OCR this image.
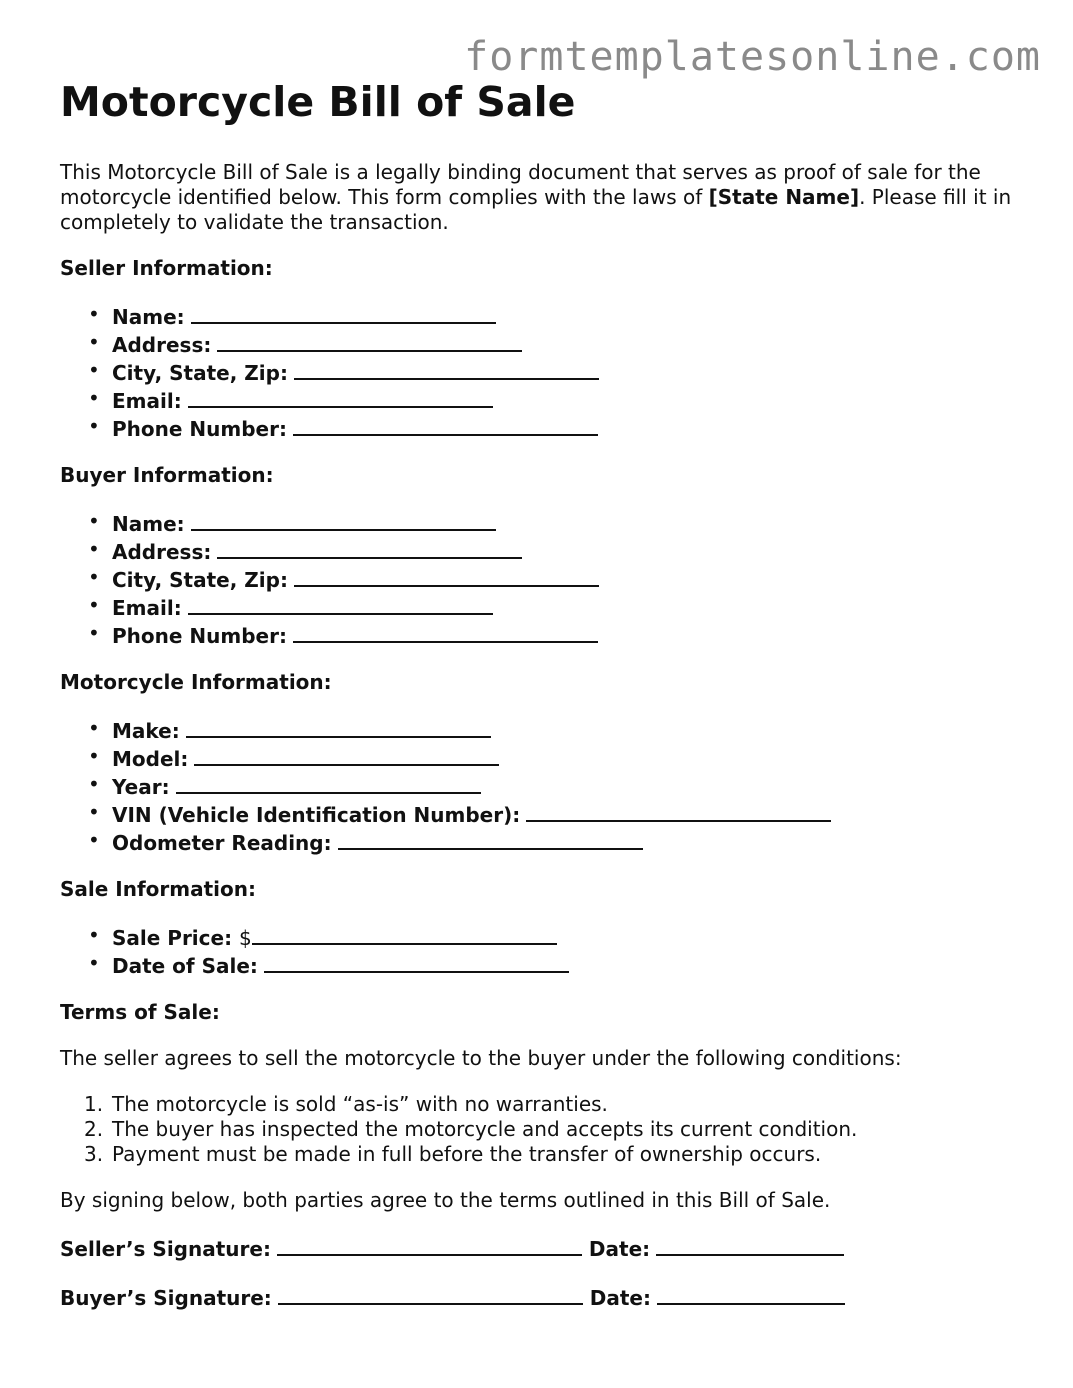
formtemplatesonline.com
Motorcycle Bill of Sale

This Motorcycle Bill of Sale is a legally binding document that serves as proof of sale for the motorcycle identified below. This form complies with the laws of [State Name]. Please fill it in completely to validate the transaction.

Seller Information:
• Name:
• Address:
• City, State, Zip:
• Email:
• Phone Number:
Buyer Information:
• Name:
• Address:
• City, State, Zip:
• Email:
• Phone Number:
Motorcycle Information:
• Make:
• Model:
• Year:
• VIN (Vehicle Identification Number):
• Odometer Reading:
Sale Information:
• Sale Price: $
• Date of Sale:
Terms of Sale:

The seller agrees to sell the motorcycle to the buyer under the following conditions:

1. The motorcycle is sold “as-is” with no warranties.
2. The buyer has inspected the motorcycle and accepts its current condition.
3. Payment must be made in full before the transfer of ownership occurs.

By signing below, both parties agree to the terms outlined in this Bill of Sale.

Seller’s Signature:	Date:
Buyer’s Signature:	Date:
